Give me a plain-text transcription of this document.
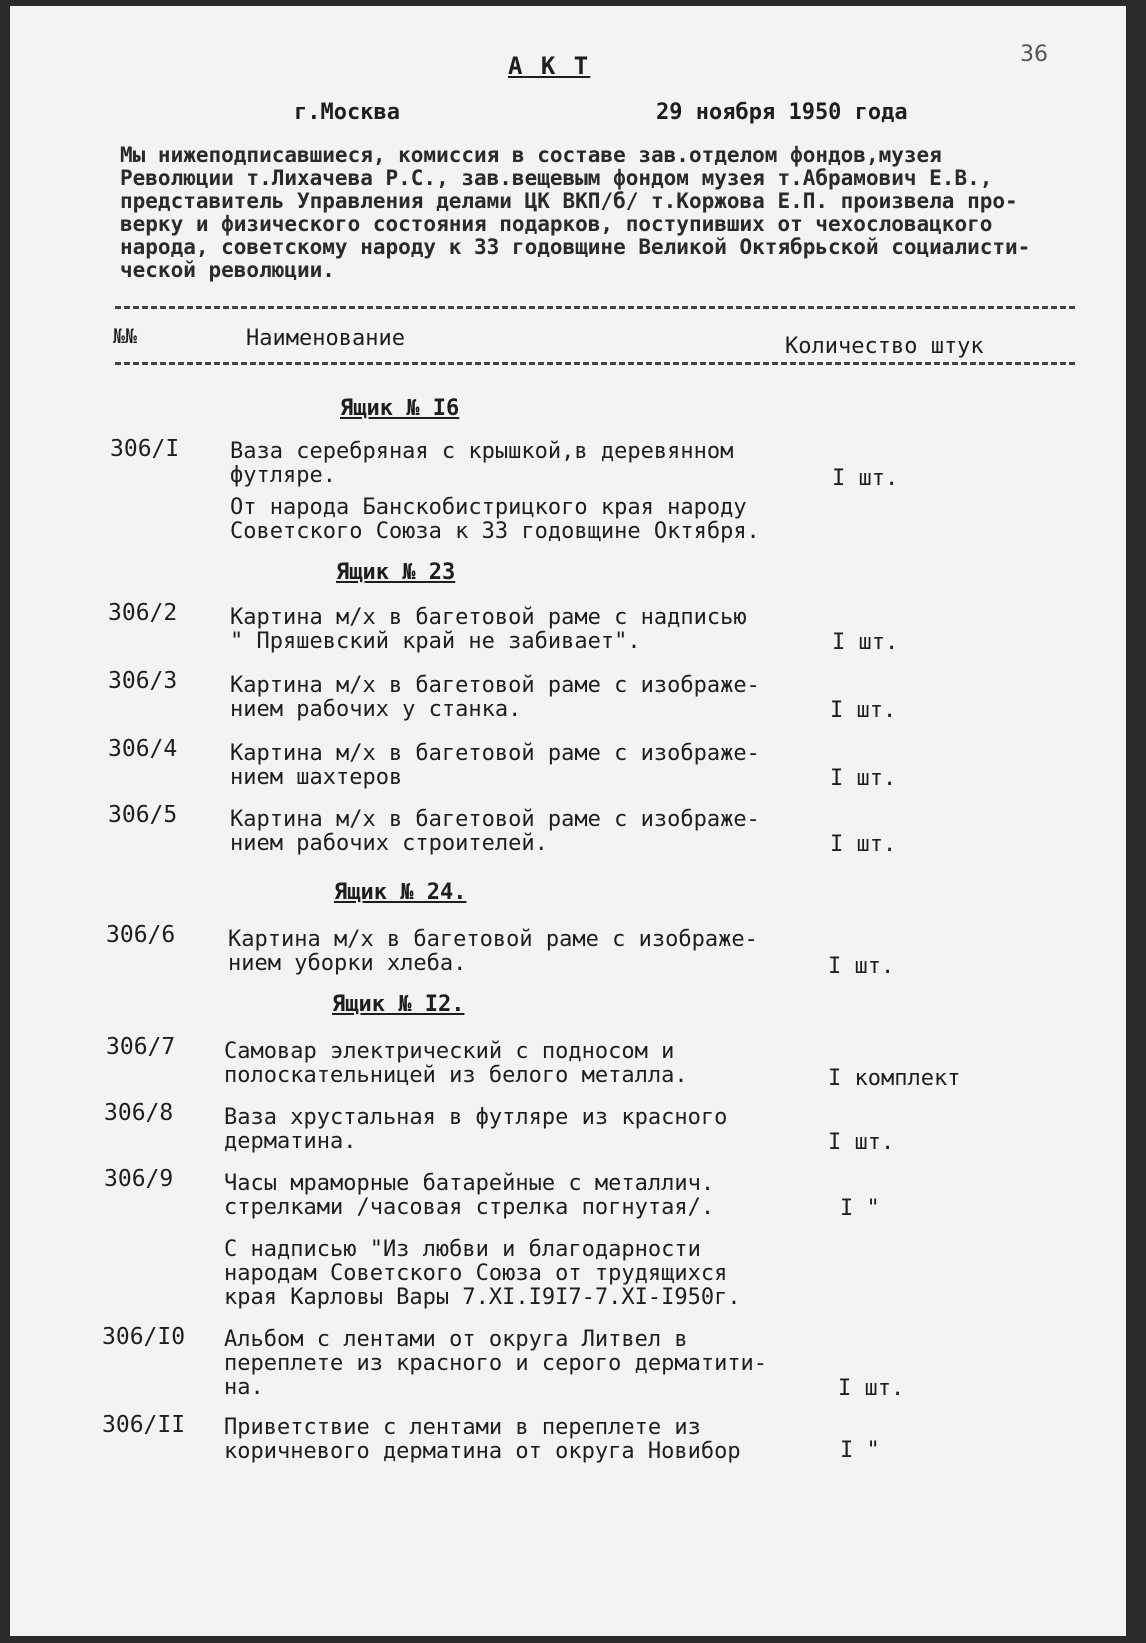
36
А К Т
г.Москва	29 ноября 1950 года
Мы нижеподписавшиеся, комиссия в составе зав.отделом фондов,музея
Революции т.Лихачева Р.С., зав.вещевым фондом музея т.Абрамович Е.В.,
представитель Управления делами ЦК ВКП/б/ т.Коржова Е.П. произвела про-
верку и физического состояния подарков, поступивших от чехословацкого
народа, советскому народу к 33 годовщине Великой Октябрьской социалисти-
ческой революции.
№№	Наименование	Количество штук
Ящик № I6
Ящик № 23
Ящик № 24.
Ящик № I2.
306/I Ваза серебряная с крышкой,в деревянном
футляре.	I шт.
От народа Банскобистрицкого края народу
Советского Союза к 33 годовщине Октября.
306/2 Картина м/х в багетовой раме с надписью
" Пряшевский край не забивает".	I шт.
306/3 Картина м/х в багетовой раме с изображе-
нием рабочих у станка.	I шт.
306/4 Картина м/х в багетовой раме с изображе-
нием шахтеров	I шт.
306/5 Картина м/х в багетовой раме с изображе-
нием рабочих строителей.	I шт.
306/6 Картина м/х в багетовой раме с изображе-
нием уборки хлеба.	I шт.
306/7 Самовар электрический с подносом и
полоскательницей из белого металла.	I комплект
306/8 Ваза хрустальная в футляре из красного
дерматина.	I шт.
306/9 Часы мраморные батарейные с металлич.
стрелками /часовая стрелка погнутая/.	I "
С надписью "Из любви и благодарности
народам Советского Союза от трудящихся
края Карловы Вары 7.XI.I9I7-7.XI-I950г.
306/I0 Альбом с лентами от округа Литвел в
переплете из красного и серого дерматити-
на.	I шт.
306/II Приветствие с лентами в переплете из
коричневого дерматина от округа Новибор	I "
